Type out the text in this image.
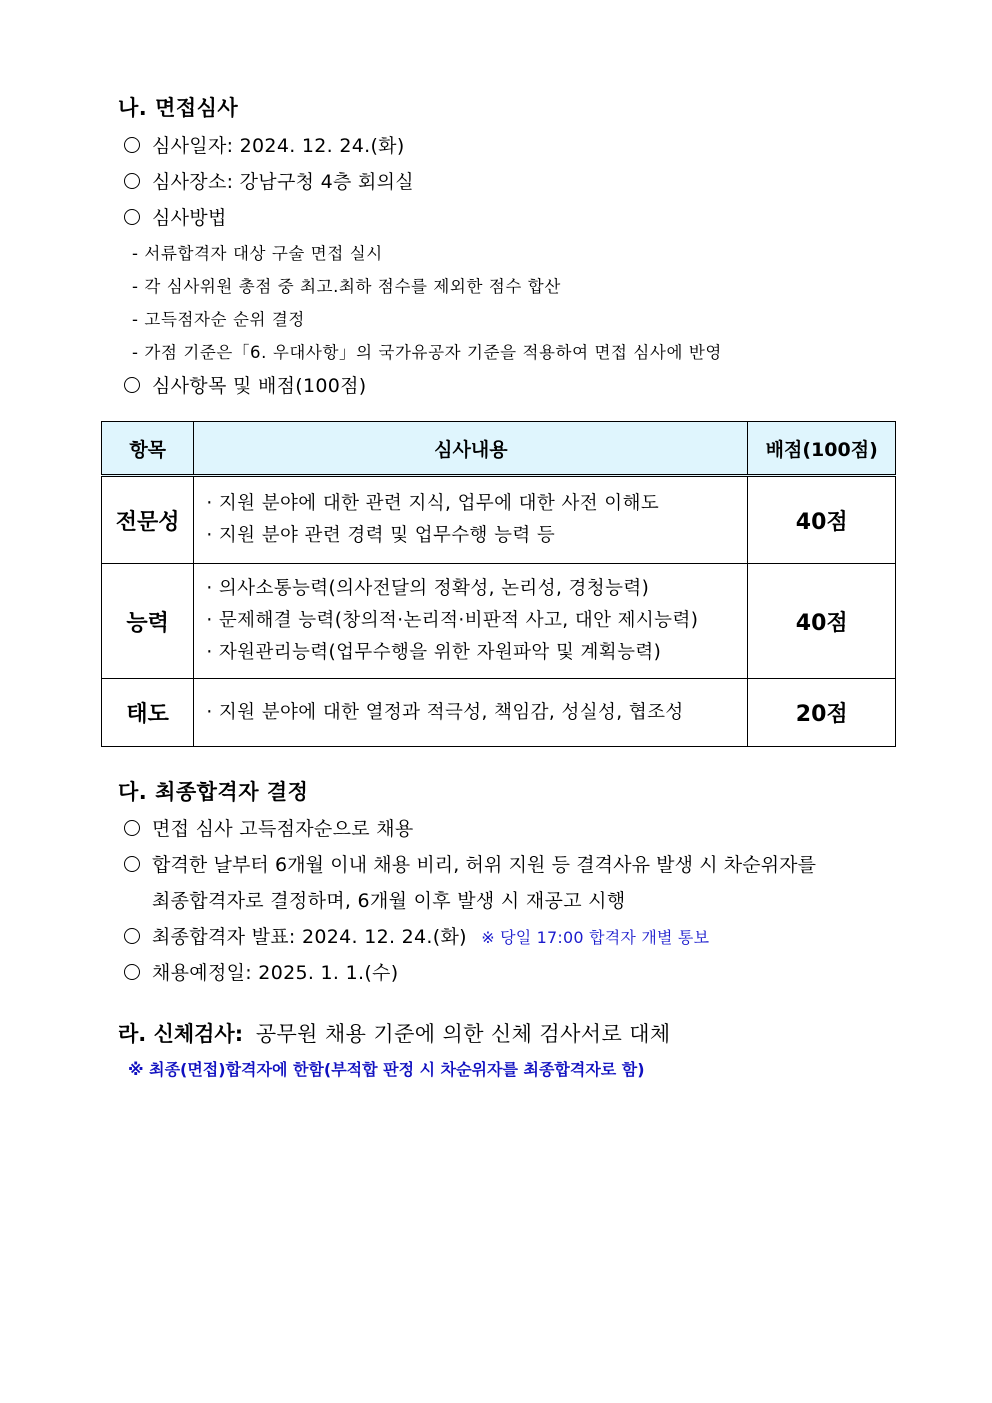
나. 면접심사
심사일자: 2024. 12. 24.(화)
심사장소: 강남구청 4층 회의실
심사방법
- 서류합격자 대상 구술 면접 실시
- 각 심사위원 총점 중 최고.최하 점수를 제외한 점수 합산
- 고득점자순 순위 결정
- 가점 기준은「6. 우대사항」의 국가유공자 기준을 적용하여 면접 심사에 반영
심사항목 및 배점(100점)
항목	심사내용	배점(100점)
전문성	· 지원 분야에 대한 관련 지식, 업무에 대한 사전 이해도
· 지원 분야 관련 경력 및 업무수행 능력 등	40점
능력	· 의사소통능력(의사전달의 정확성, 논리성, 경청능력)
· 문제해결 능력(창의적·논리적·비판적 사고, 대안 제시능력)
· 자원관리능력(업무수행을 위한 자원파악 및 계획능력)	40점
태도	· 지원 분야에 대한 열정과 적극성, 책임감, 성실성, 협조성	20점
다. 최종합격자 결정
면접 심사 고득점자순으로 채용
합격한 날부터 6개월 이내 채용 비리, 허위 지원 등 결격사유 발생 시 차순위자를
최종합격자로 결정하며, 6개월 이후 발생 시 재공고 시행
최종합격자 발표: 2024. 12. 24.(화) ※ 당일 17:00 합격자 개별 통보
채용예정일: 2025. 1. 1.(수)
라. 신체검사: 공무원 채용 기준에 의한 신체 검사서로 대체
※ 최종(면접)합격자에 한함(부적합 판정 시 차순위자를 최종합격자로 함)
